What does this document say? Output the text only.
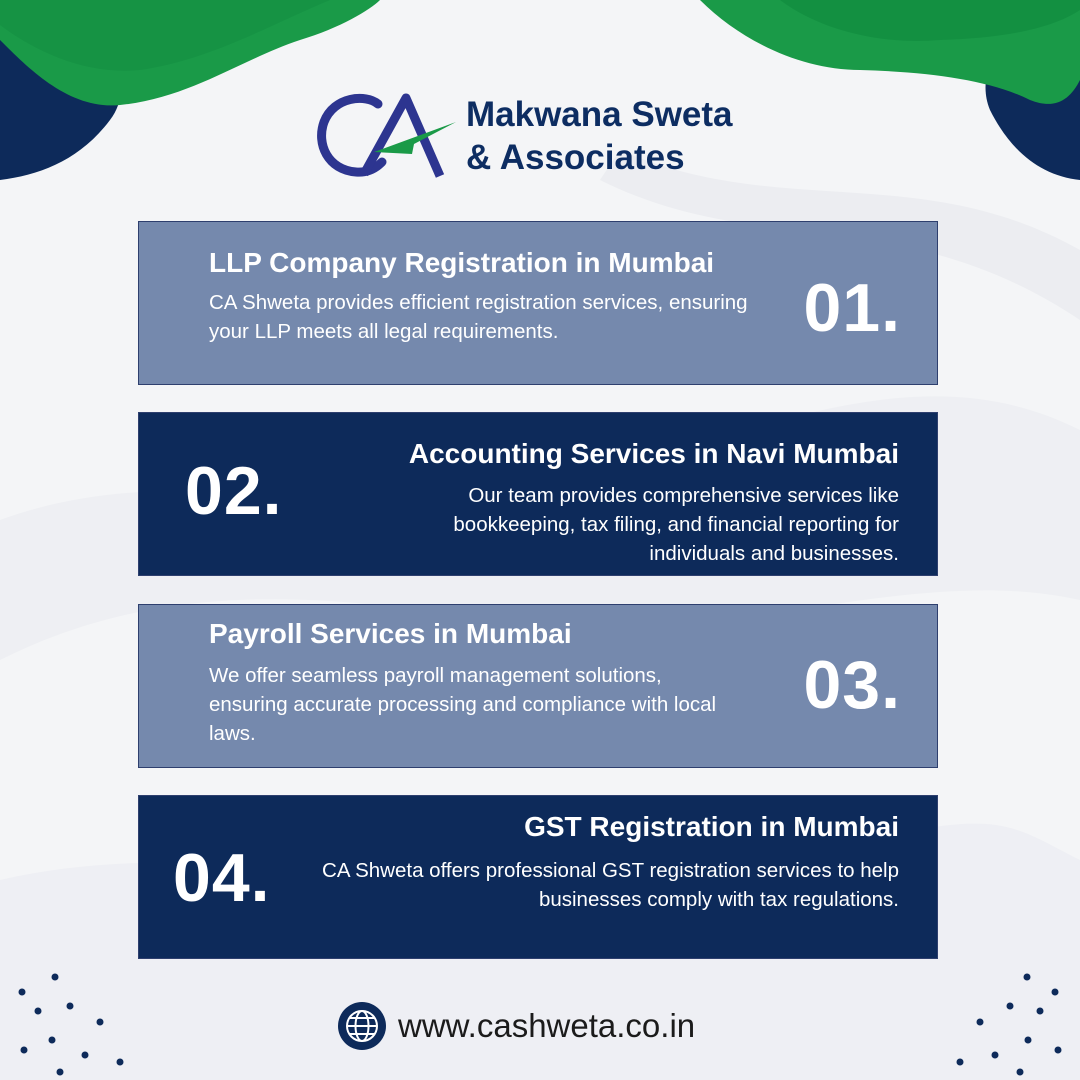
CA
Makwana Sweta
& Associates
LLP Company Registration in Mumbai
CA Shweta provides efficient registration services, ensuring your LLP meets all legal requirements.	01.
02.	Accounting Services in Navi Mumbai
Our team provides comprehensive services like bookkeeping, tax filing, and financial reporting for individuals and businesses.
Payroll Services in Mumbai
We offer seamless payroll management solutions, ensuring accurate processing and compliance with local laws.
03.
04.
GST Registration in Mumbai
CA Shweta offers professional GST registration services to help businesses comply with tax regulations.
www.cashweta.co.in
